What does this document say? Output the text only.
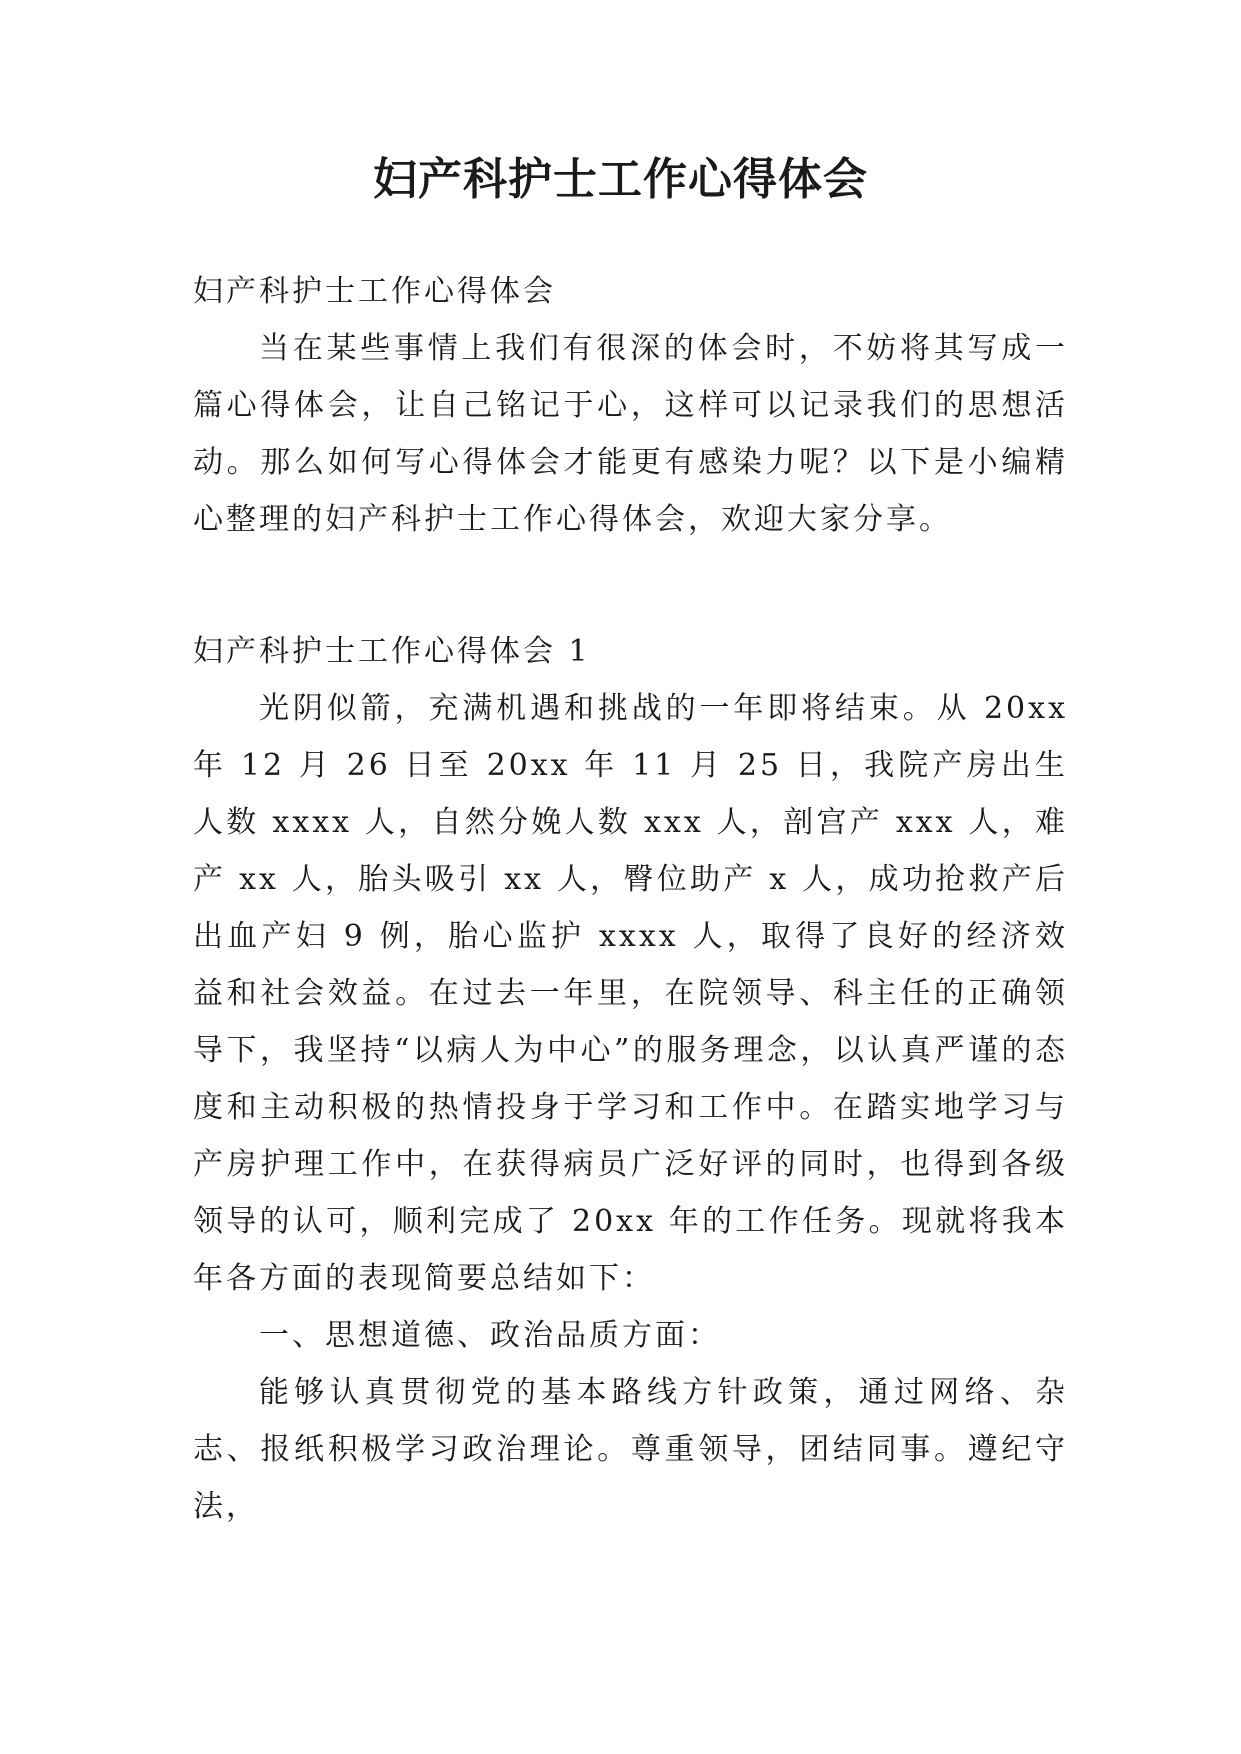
妇产科护士工作心得体会

妇产科护士工作心得体会

当在某些事情上我们有很深的体会时，不妨将其写成一篇心得体会，让自己铭记于心，这样可以记录我们的思想活动。那么如何写心得体会才能更有感染力呢？以下是小编精心整理的妇产科护士工作心得体会，欢迎大家分享。

妇产科护士工作心得体会 1

光阴似箭，充满机遇和挑战的一年即将结束。从 20xx 年 12 月 26 日至 20xx 年 11 月 25 日，我院产房出生人数 xxxx 人，自然分娩人数 xxx 人，剖宫产 xxx 人，难产 xx 人，胎头吸引 xx 人，臀位助产 x 人，成功抢救产后出血产妇 9 例，胎心监护 xxxx 人，取得了良好的经济效益和社会效益。在过去一年里，在院领导、科主任的正确领导下，我坚持“以病人为中心”的服务理念，以认真严谨的态度和主动积极的热情投身于学习和工作中。在踏实地学习与产房护理工作中，在获得病员广泛好评的同时，也得到各级领导的认可，顺利完成了 20xx 年的工作任务。现就将我本年各方面的表现简要总结如下：

一、思想道德、政治品质方面：

能够认真贯彻党的基本路线方针政策，通过网络、杂志、报纸积极学习政治理论。尊重领导，团结同事。遵纪守法，
